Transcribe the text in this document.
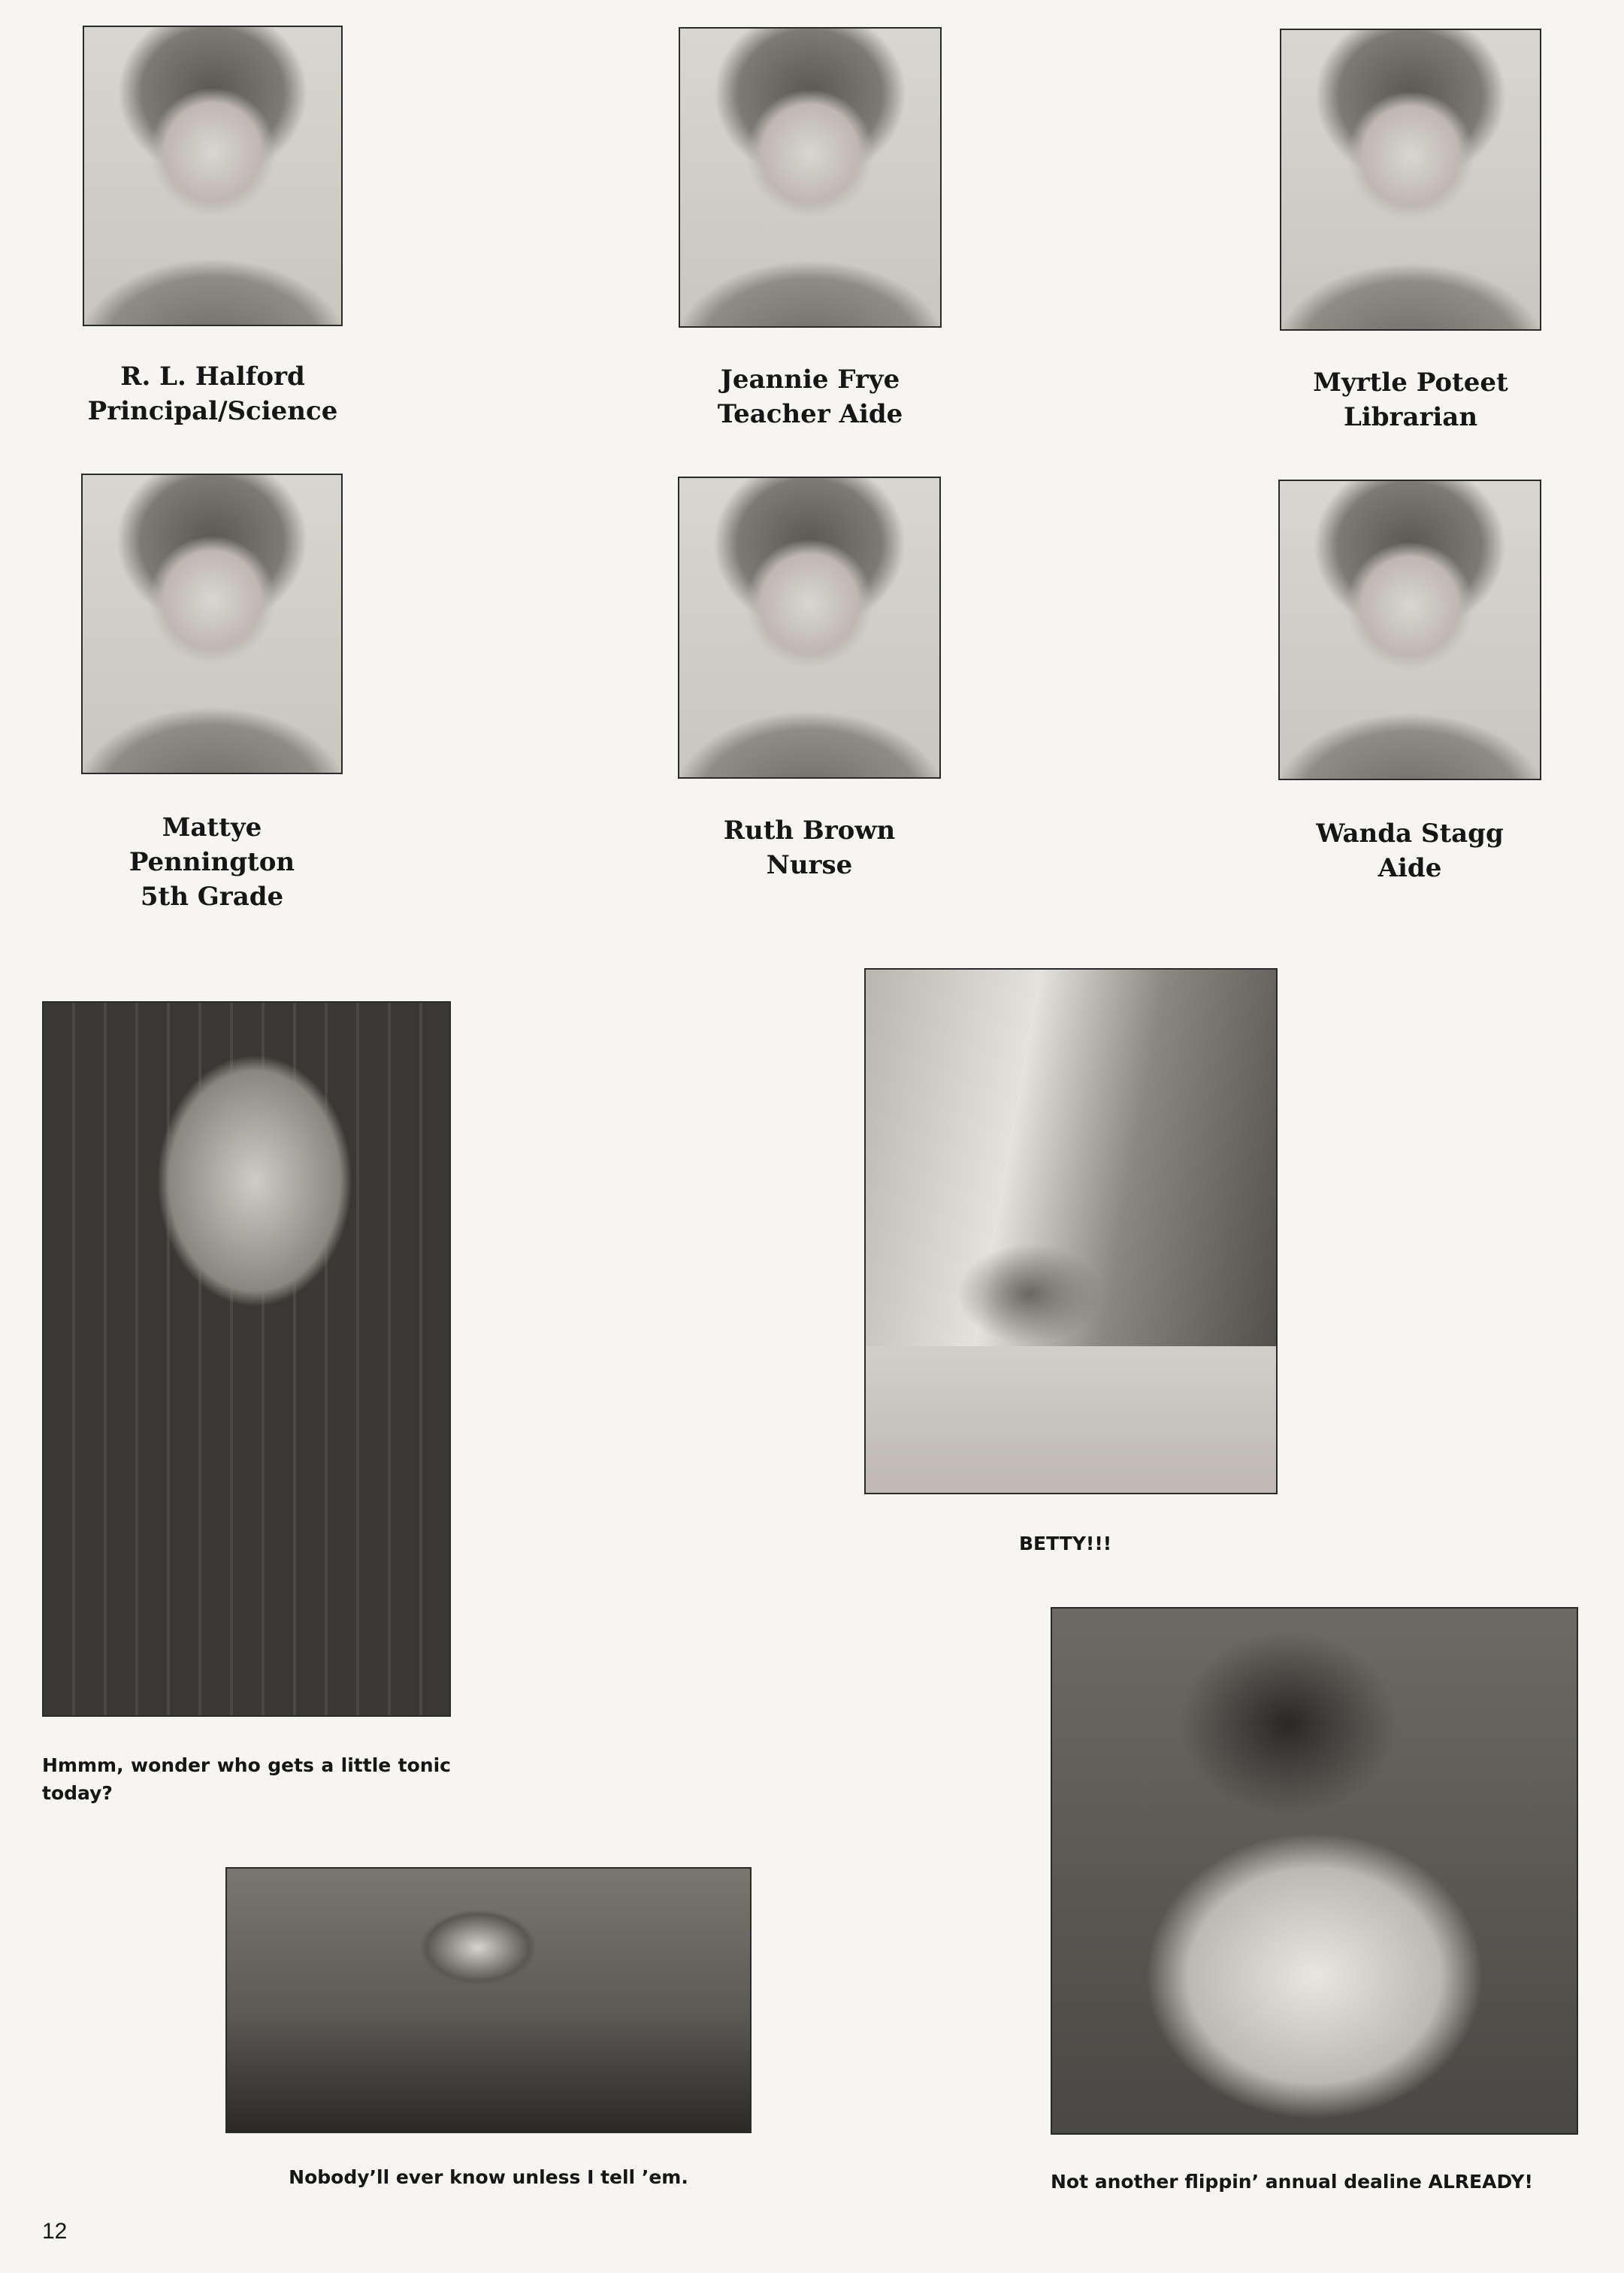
R. L. Halford
Principal/Science
Jeannie Frye
Teacher Aide
Myrtle Poteet
Librarian
Mattye
Pennington
5th Grade
Ruth Brown
Nurse
Wanda Stagg
Aide
Hmmm, wonder who gets a little tonic today?
BETTY!!!
Nobody’ll ever know unless I tell ’em.	Not another flippin’ annual dealine ALREADY!
12
